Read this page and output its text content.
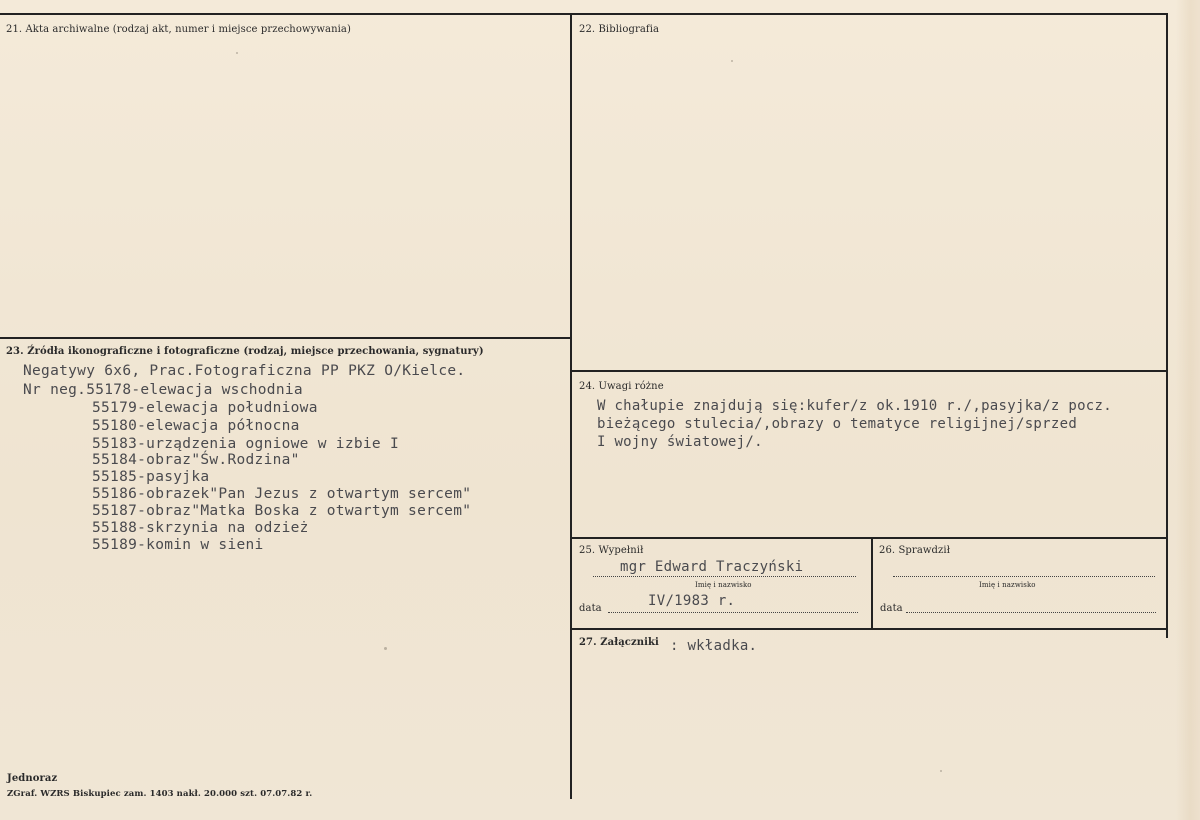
21. Akta archiwalne (rodzaj akt, numer i miejsce przechowywania)	22. Bibliografia
23. Źródła ikonograficzne i fotograficzne (rodzaj, miejsce przechowania, sygnatury)
Negatywy 6x6, Prac.Fotograficzna PP PKZ O/Kielce.
Nr neg.55178-elewacja wschodnia
55179-elewacja południowa
55180-elewacja północna
55183-urządzenia ogniowe w izbie I
55184-obraz"Św.Rodzina"
55185-pasyjka
55186-obrazek"Pan Jezus z otwartym sercem"
55187-obraz"Matka Boska z otwartym sercem"
55188-skrzynia na odzież
55189-komin w sieni
24. Uwagi różne
W chałupie znajdują się:kufer/z ok.1910 r./,pasyjka/z pocz.
bieżącego stulecia/,obrazy o tematyce religijnej/sprzed
I wojny światowej/.
25. Wypełnił
mgr Edward Traczyński
Imię i nazwisko
data	IV/1983 r.
26. Sprawdził
Imię i nazwisko
data
27. Załączniki : wkładka.
Jednoraz
ZGraf. WZRS Biskupiec zam. 1403 nakł. 20.000 szt. 07.07.82 r.
